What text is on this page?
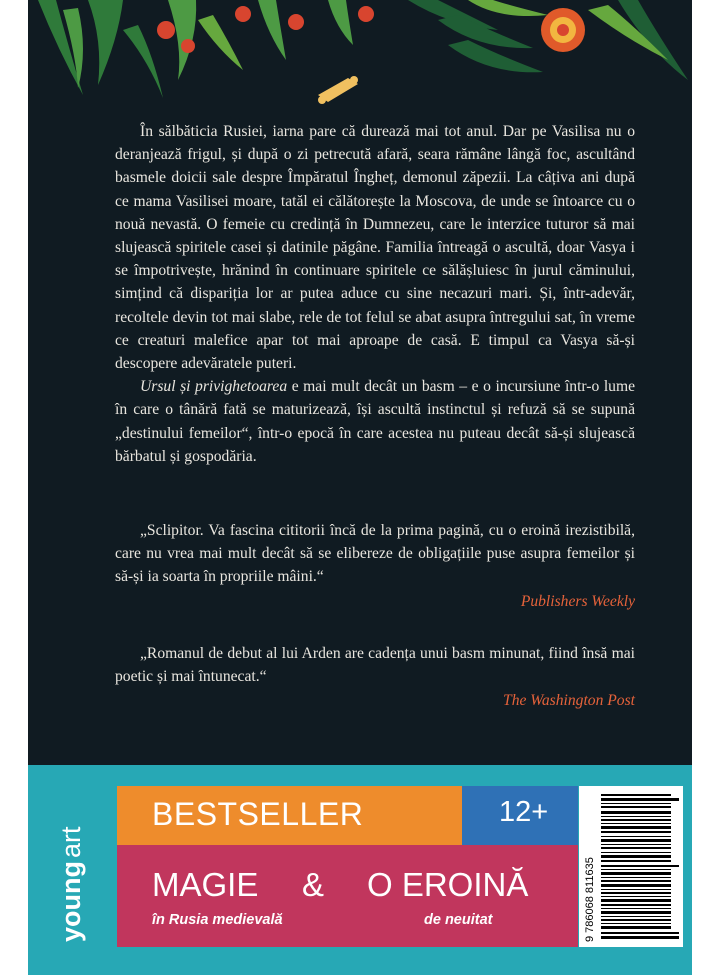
În sălbăticia Rusiei, iarna pare că durează mai tot anul. Dar pe Vasilisa nu o deranjează frigul, și după o zi petrecută afară, seara rămâne lângă foc, ascultând basmele doicii sale despre Împăratul Îngheț, demonul zăpezii. La câțiva ani după ce mama Vasilisei moare, tatăl ei călătorește la Moscova, de unde se întoarce cu o nouă nevastă. O femeie cu credință în Dumnezeu, care le interzice tuturor să mai slujească spiritele casei și datinile păgâne. Familia întreagă o ascultă, doar Vasya i se împotrivește, hrănind în continuare spiritele ce sălășluiesc în jurul căminului, simțind că dispariția lor ar putea aduce cu sine necazuri mari. Și, într-adevăr, recoltele devin tot mai slabe, rele de tot felul se abat asupra întregului sat, în vreme ce creaturi malefice apar tot mai aproape de casă. E timpul ca Vasya să-și descopere adevăratele puteri.

Ursul și privighetoarea e mai mult decât un basm – e o incursiune într-o lume în care o tânără fată se maturizează, își ascultă instinctul și refuză să se supună „destinului femeilor“, într-o epocă în care acestea nu puteau decât să-și slujească bărbatul și gospodăria.

„Sclipitor. Va fascina cititorii încă de la prima pagină, cu o eroină irezistibilă, care nu vrea mai mult decât să se elibereze de obligațiile puse asupra femeilor și să-și ia soarta în propriile mâini.“

Publishers Weekly

„Romanul de debut al lui Arden are cadența unui basm minunat, fiind însă mai poetic și mai întunecat.“

The Washington Post
young
art
BESTSELLER	12+
MAGIE & O EROINĂ
în Rusia medievală	de neuitat	9 786068 811635
